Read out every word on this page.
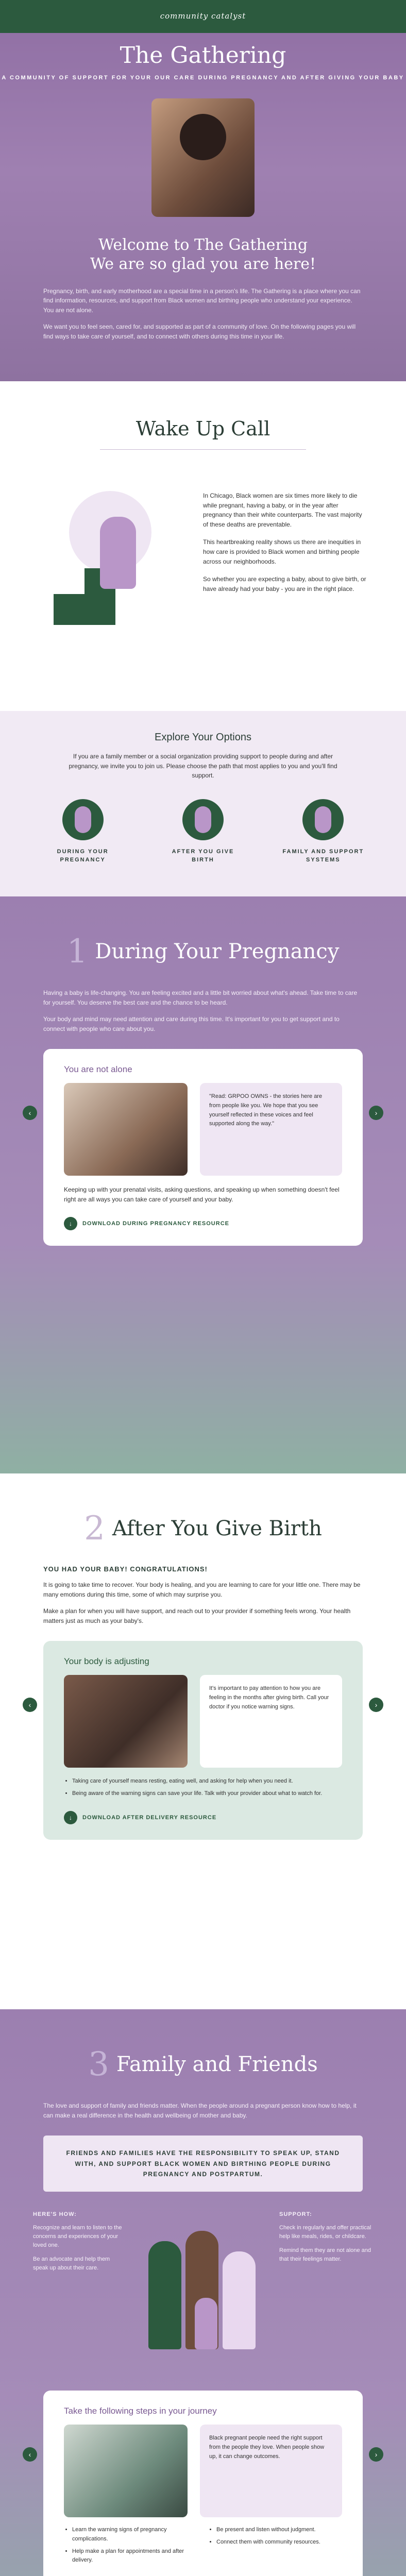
community catalyst
The Gathering
A COMMUNITY OF SUPPORT FOR YOUR OUR CARE DURING PREGNANCY AND AFTER GIVING YOUR BABY
Welcome to The Gathering
We are so glad you are here!

Pregnancy, birth, and early motherhood are a special time in a person's life. The Gathering is a place where you can find information, resources, and support from Black women and birthing people who understand your experience. You are not alone.

We want you to feel seen, cared for, and supported as part of a community of love. On the following pages you will find ways to take care of yourself, and to connect with others during this time in your life.

Wake Up Call

In Chicago, Black women are six times more likely to die while pregnant, having a baby, or in the year after pregnancy than their white counterparts. The vast majority of these deaths are preventable.

This heartbreaking reality shows us there are inequities in how care is provided to Black women and birthing people across our neighborhoods.

So whether you are expecting a baby, about to give birth, or have already had your baby - you are in the right place.

Explore Your Options

If you are a family member or a social organization providing support to people during and after pregnancy, we invite you to join us. Please choose the path that most applies to you and you'll find support.

DURING YOUR PREGNANCY
AFTER YOU GIVE BIRTH
FAMILY AND SUPPORT SYSTEMS
1 During Your Pregnancy

Having a baby is life-changing. You are feeling excited and a little bit worried about what's ahead. Take time to care for yourself. You deserve the best care and the chance to be heard.

Your body and mind may need attention and care during this time. It's important for you to get support and to connect with people who care about you.

‹
You are not alone
"Read: GRPOO OWNS - the stories here are from people like you. We hope that you see yourself reflected in these voices and feel supported along the way."

Keeping up with your prenatal visits, asking questions, and speaking up when something doesn't feel right are all ways you can take care of yourself and your baby.

↓	DOWNLOAD DURING PREGNANCY RESOURCE
›
2 After You Give Birth
YOU HAD YOUR BABY! CONGRATULATIONS!

It is going to take time to recover. Your body is healing, and you are learning to care for your little one. There may be many emotions during this time, some of which may surprise you.

Make a plan for when you will have support, and reach out to your provider if something feels wrong. Your health matters just as much as your baby's.

‹
Your body is adjusting
It's important to pay attention to how you are feeling in the months after giving birth. Call your doctor if you notice warning signs.
• Taking care of yourself means resting, eating well, and asking for help when you need it.
• Being aware of the warning signs can save your life. Talk with your provider about what to watch for.
↓	DOWNLOAD AFTER DELIVERY RESOURCE
›
3 Family and Friends

The love and support of family and friends matter. When the people around a pregnant person know how to help, it can make a real difference in the health and wellbeing of mother and baby.

FRIENDS AND FAMILIES HAVE THE RESPONSIBILITY TO SPEAK UP, STAND WITH, AND SUPPORT BLACK WOMEN AND BIRTHING PEOPLE DURING PREGNANCY AND POSTPARTUM.
HERE'S HOW:

Recognize and learn to listen to the concerns and experiences of your loved one.

Be an advocate and help them speak up about their care.

SUPPORT:

Check in regularly and offer practical help like meals, rides, or childcare.

Remind them they are not alone and that their feelings matter.

‹
Take the following steps in your journey
Black pregnant people need the right support from the people they love. When people show up, it can change outcomes.
• Learn the warning signs of pregnancy complications.
• Help make a plan for appointments and after delivery.
• Be present and listen without judgment.
• Connect them with community resources.
›
